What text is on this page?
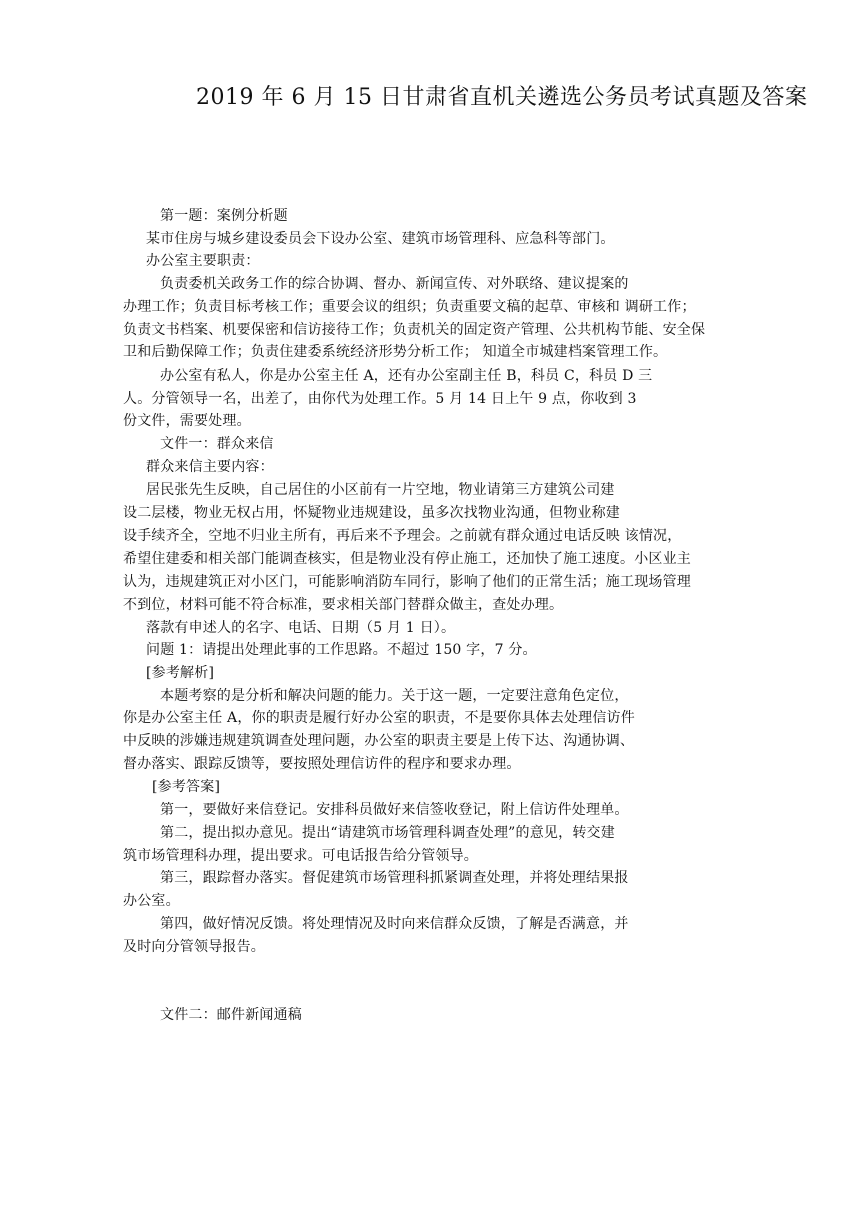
2019 年 6 月 15 日甘肃省直机关遴选公务员考试真题及答案
第一题：案例分析题
某市住房与城乡建设委员会下设办公室、建筑市场管理科、应急科等部门。
办公室主要职责：
负责委机关政务工作的综合协调、督办、新闻宣传、对外联络、建议提案的
办理工作；负责目标考核工作；重要会议的组织；负责重要文稿的起草、审核和 调研工作；
负责文书档案、机要保密和信访接待工作；负责机关的固定资产管理、公共机构节能、安全保
卫和后勤保障工作；负责住建委系统经济形势分析工作； 知道全市城建档案管理工作。
办公室有私人，你是办公室主任 A，还有办公室副主任 B，科员 C，科员 D 三
人。分管领导一名，出差了，由你代为处理工作。5 月 14 日上午 9 点，你收到 3
份文件，需要处理。
文件一：群众来信
群众来信主要内容：
居民张先生反映，自己居住的小区前有一片空地，物业请第三方建筑公司建
设二层楼，物业无权占用，怀疑物业违规建设，虽多次找物业沟通，但物业称建
设手续齐全，空地不归业主所有，再后来不予理会。之前就有群众通过电话反映 该情况，
希望住建委和相关部门能调查核实，但是物业没有停止施工，还加快了施工速度。小区业主
认为，违规建筑正对小区门，可能影响消防车同行，影响了他们的正常生活；施工现场管理
不到位，材料可能不符合标准，要求相关部门替群众做主，查处办理。
落款有申述人的名字、电话、日期（5 月 1 日）。
问题 1：请提出处理此事的工作思路。不超过 150 字，7 分。
[参考解析]
本题考察的是分析和解决问题的能力。关于这一题，一定要注意角色定位，
你是办公室主任 A，你的职责是履行好办公室的职责，不是要你具体去处理信访件
中反映的涉嫌违规建筑调查处理问题，办公室的职责主要是上传下达、沟通协调、
督办落实、跟踪反馈等，要按照处理信访件的程序和要求办理。
[参考答案]
第一，要做好来信登记。安排科员做好来信签收登记，附上信访件处理单。
第二，提出拟办意见。提出“请建筑市场管理科调查处理”的意见，转交建
筑市场管理科办理，提出要求。可电话报告给分管领导。
第三，跟踪督办落实。督促建筑市场管理科抓紧调查处理，并将处理结果报
办公室。
第四，做好情况反馈。将处理情况及时向来信群众反馈，了解是否满意，并
及时向分管领导报告。
文件二：邮件新闻通稿
